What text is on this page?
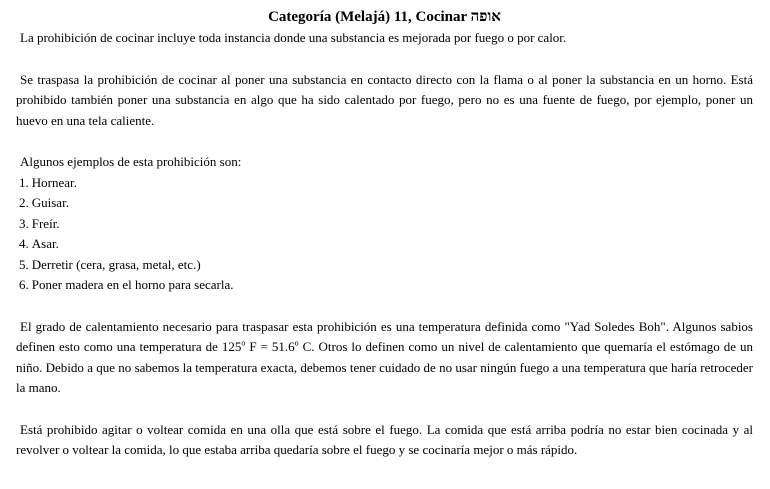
Categoría (Melajá) 11, Cocinar אופה

La prohibición de cocinar incluye toda instancia donde una substancia es mejorada por fuego o por calor.

Se traspasa la prohibición de cocinar al poner una substancia en contacto directo con la flama o al poner la substancia en un horno. Está prohibido también poner una substancia en algo que ha sido calentado por fuego, pero no es una fuente de fuego, por ejemplo, poner un huevo en una tela caliente.

Algunos ejemplos de esta prohibición son:

1. Hornear.
2. Guisar.
3. Freír.
4. Asar.
5. Derretir (cera, grasa, metal, etc.)
6. Poner madera en el horno para secarla.

El grado de calentamiento necesario para traspasar esta prohibición es una temperatura definida como "Yad Soledes Boh". Algunos sabios definen esto como una temperatura de 125$^o$ $F = 51.6^o$ C. Otros lo definen como un nivel de calentamiento que quemaría el estómago de un niño. Debido a que no sabemos la temperatura exacta, debemos tener cuidado de no usar ningún fuego a una temperatura que haría retroceder la mano.

Está prohibido agitar o voltear comida en una olla que está sobre el fuego. La comida que está arriba podría no estar bien cocinada y al revolver o voltear la comida, lo que estaba arriba quedaría sobre el fuego y se cocinaría mejor o más rápido.
